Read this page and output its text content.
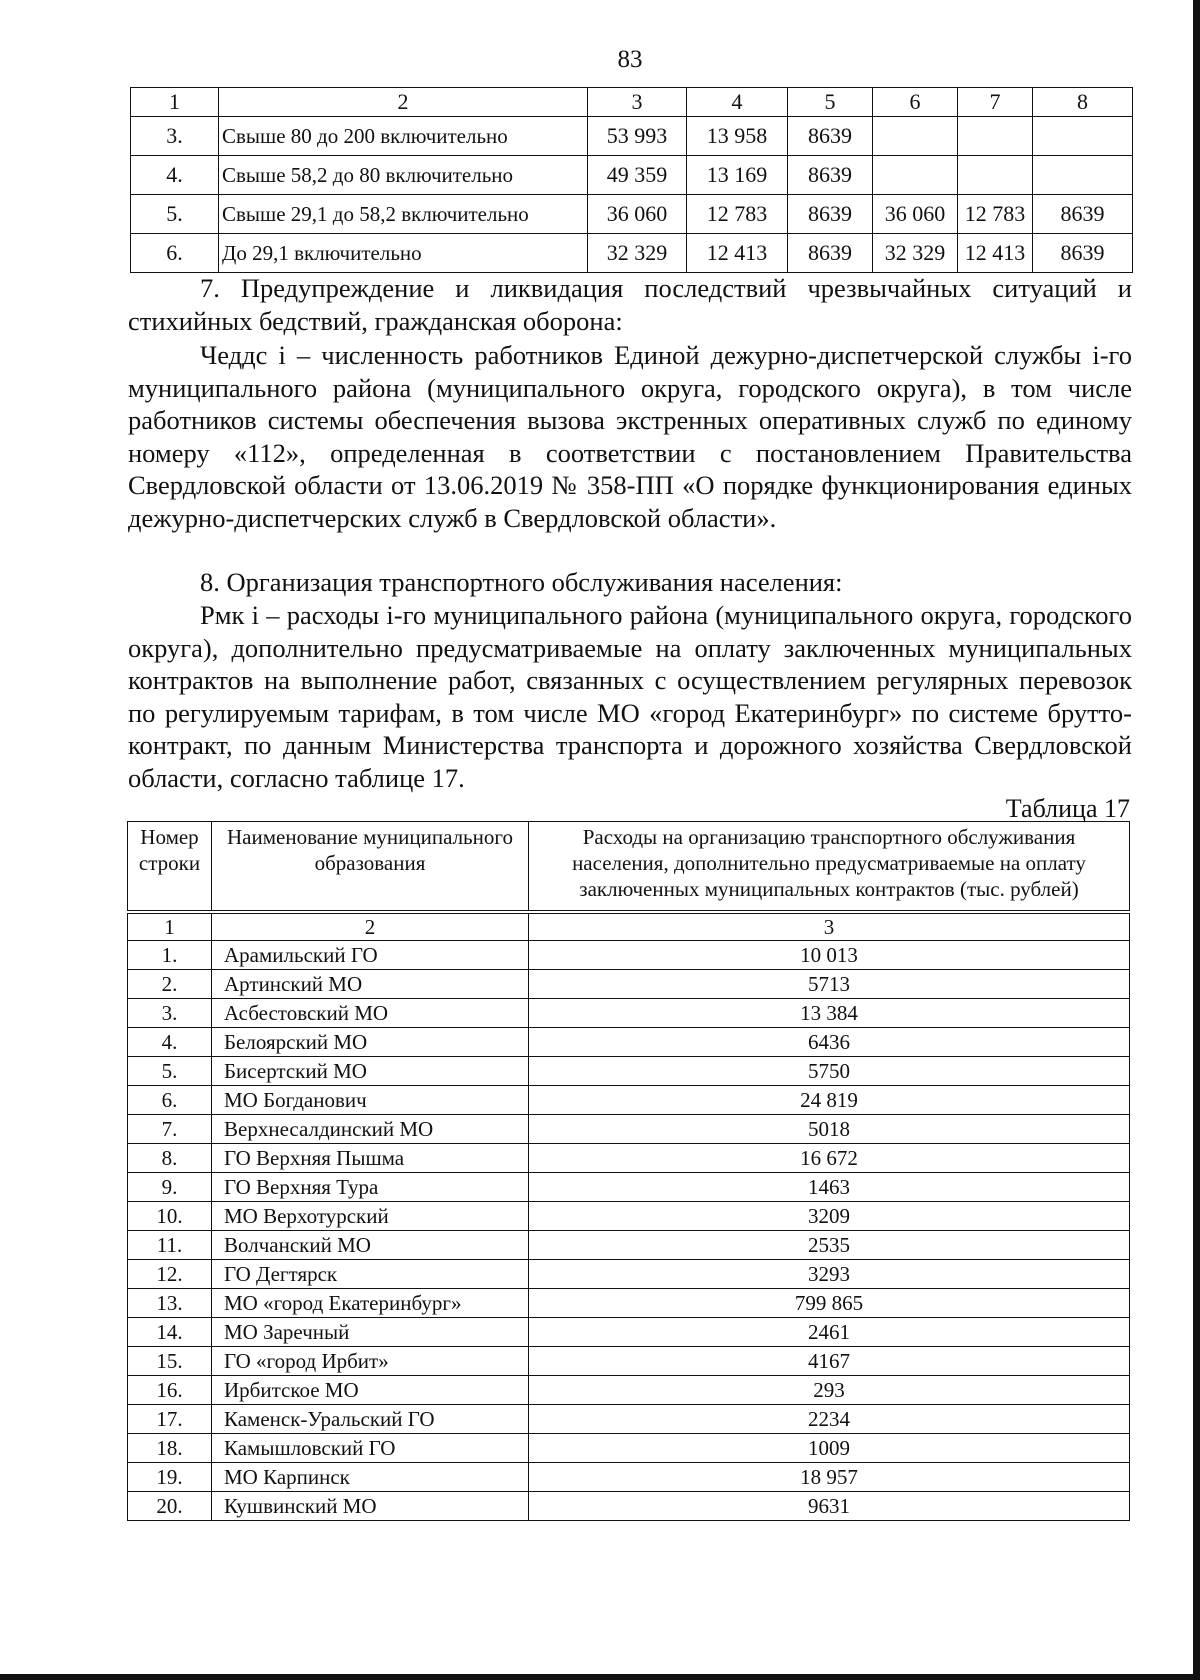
83
1	2	3	4	5	6	7	8
3.	Свыше 80 до 200 включительно	53 993	13 958	8639			
4.	Свыше 58,2 до 80 включительно	49 359	13 169	8639			
5.	Свыше 29,1 до 58,2 включительно	36 060	12 783	8639	36 060	12 783	8639
6.	До 29,1 включительно	32 329	12 413	8639	32 329	12 413	8639

7. Предупреждение и ликвидация последствий чрезвычайных ситуаций и стихийных бедствий, гражданская оборона:

Чеддс i – численность работников Единой дежурно-диспетчерской службы i-го муниципального района (муниципального округа, городского округа), в том числе работников системы обеспечения вызова экстренных оперативных служб по единому номеру «112», определенная в соответствии с постановлением Правительства Свердловской области от 13.06.2019 № 358-ПП «О порядке функционирования единых дежурно-диспетчерских служб в Свердловской области».

8. Организация транспортного обслуживания населения:

Рмк i – расходы i-го муниципального района (муниципального округа, городского округа), дополнительно предусматриваемые на оплату заключенных муниципальных контрактов на выполнение работ, связанных с осуществлением регулярных перевозок по регулируемым тарифам, в том числе МО «город Екатеринбург» по системе брутто-контракт, по данным Министерства транспорта и дорожного хозяйства Свердловской области, согласно таблице 17.

Таблица 17
Номер строки	Наименование муниципального образования	Расходы на организацию транспортного обслуживания населения, дополнительно предусматриваемые на оплату заключенных муниципальных контрактов (тыс. рублей)
1	2	3
1.	Арамильский ГО	10 013
2.	Артинский МО	5713
3.	Асбестовский МО	13 384
4.	Белоярский МО	6436
5.	Бисертский МО	5750
6.	МО Богданович	24 819
7.	Верхнесалдинский МО	5018
8.	ГО Верхняя Пышма	16 672
9.	ГО Верхняя Тура	1463
10.	МО Верхотурский	3209
11.	Волчанский МО	2535
12.	ГО Дегтярск	3293
13.	МО «город Екатеринбург»	799 865
14.	МО Заречный	2461
15.	ГО «город Ирбит»	4167
16.	Ирбитское МО	293
17.	Каменск-Уральский ГО	2234
18.	Камышловский ГО	1009
19.	МО Карпинск	18 957
20.	Кушвинский МО	9631
